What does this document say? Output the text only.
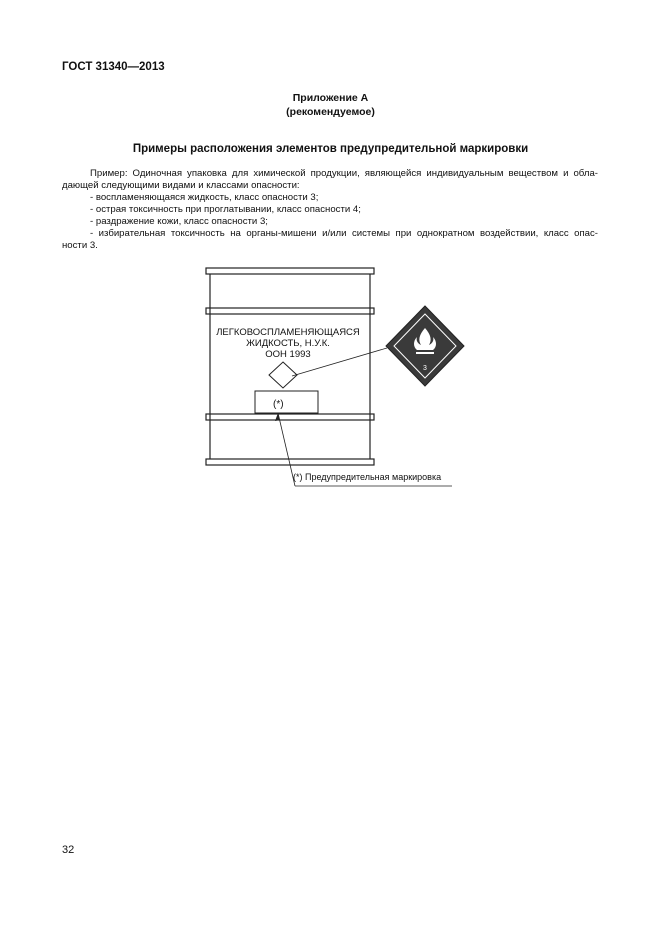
ГОСТ 31340—2013
Приложение А
(рекомендуемое)
Примеры расположения элементов предупредительной маркировки
Пример: Одиночная упаковка для химической продукции, являющейся индивидуальным веществом и обла-
дающей следующими видами и классами опасности:
- воспламеняющаяся жидкость, класс опасности 3;
- острая токсичность при проглатывании, класс опасности 4;
- раздражение кожи, класс опасности 3;
- избирательная токсичность на органы-мишени и/или системы при однократном воздействии, класс опас-
ности 3.
ЛЕГКОВОСПЛАМЕНЯЮЩАЯСЯ
ЖИДКОСТЬ, Н.У.К.
ООН 1993
(*)
3
(*) Предупредительная маркировка
32
